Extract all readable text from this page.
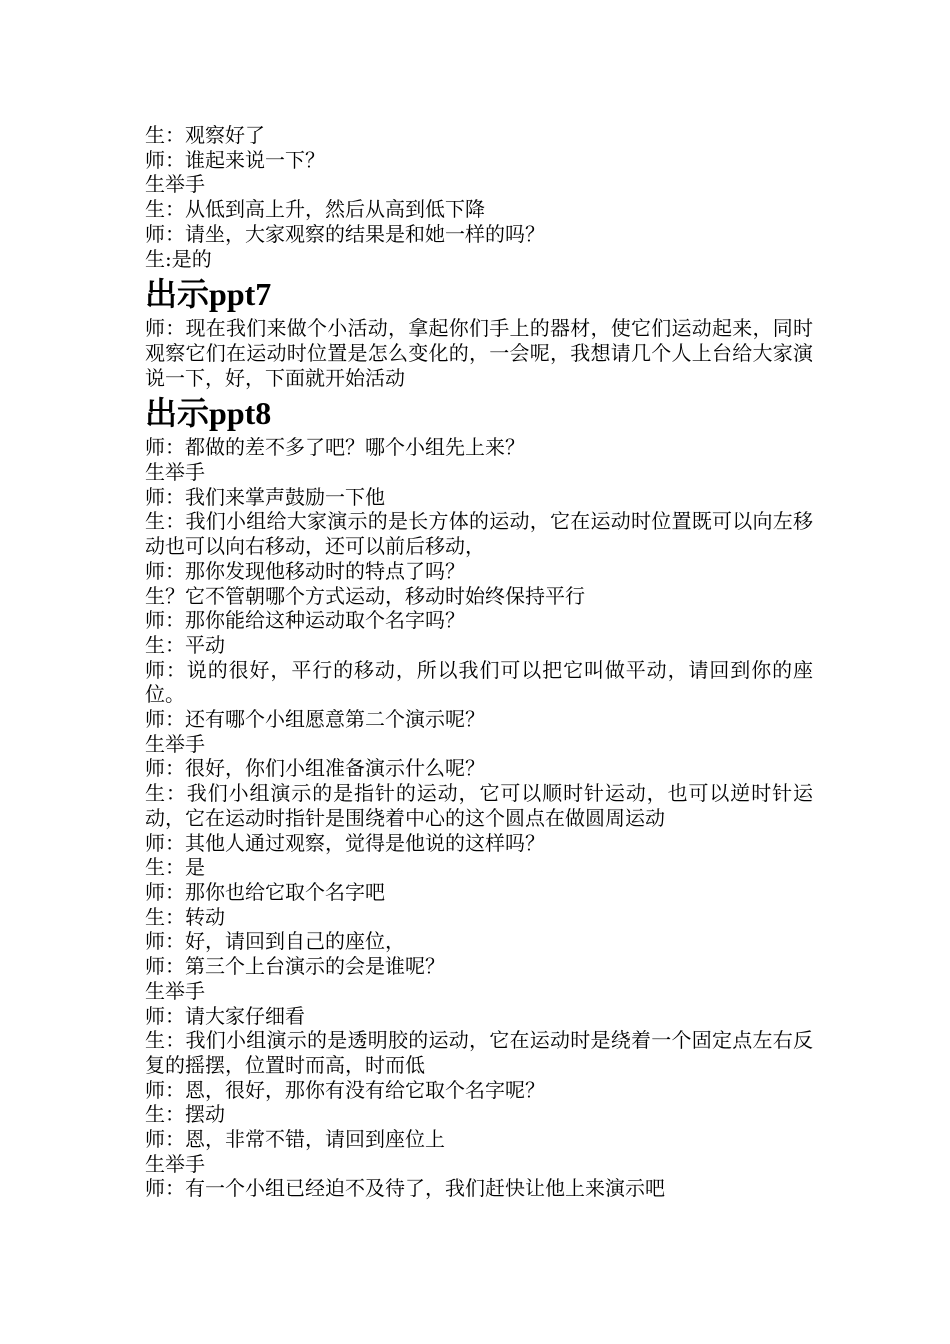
生：观察好了
师：谁起来说一下？
生举手
生：从低到高上升，然后从高到低下降
师：请坐，大家观察的结果是和她一样的吗？
生:是的
出示ppt7
师：现在我们来做个小活动，拿起你们手上的器材，使它们运动起来，同时观察它们在运动时位置是怎么变化的，一会呢，我想请几个人上台给大家演说一下，好，下面就开始活动
出示ppt8
师：都做的差不多了吧？哪个小组先上来？
生举手
师：我们来掌声鼓励一下他
生：我们小组给大家演示的是长方体的运动，它在运动时位置既可以向左移动也可以向右移动，还可以前后移动，
师：那你发现他移动时的特点了吗？
生？它不管朝哪个方式运动，移动时始终保持平行
师：那你能给这种运动取个名字吗？
生：平动
师：说的很好，平行的移动，所以我们可以把它叫做平动，请回到你的座位。
师：还有哪个小组愿意第二个演示呢？
生举手
师：很好，你们小组准备演示什么呢？
生：我们小组演示的是指针的运动，它可以顺时针运动，也可以逆时针运动，它在运动时指针是围绕着中心的这个圆点在做圆周运动
师：其他人通过观察，觉得是他说的这样吗？
生：是
师：那你也给它取个名字吧
生：转动
师：好，请回到自己的座位，
师：第三个上台演示的会是谁呢？
生举手
师：请大家仔细看
生：我们小组演示的是透明胶的运动，它在运动时是绕着一个固定点左右反复的摇摆，位置时而高，时而低
师：恩，很好，那你有没有给它取个名字呢？
生：摆动
师：恩，非常不错，请回到座位上
生举手
师：有一个小组已经迫不及待了，我们赶快让他上来演示吧
